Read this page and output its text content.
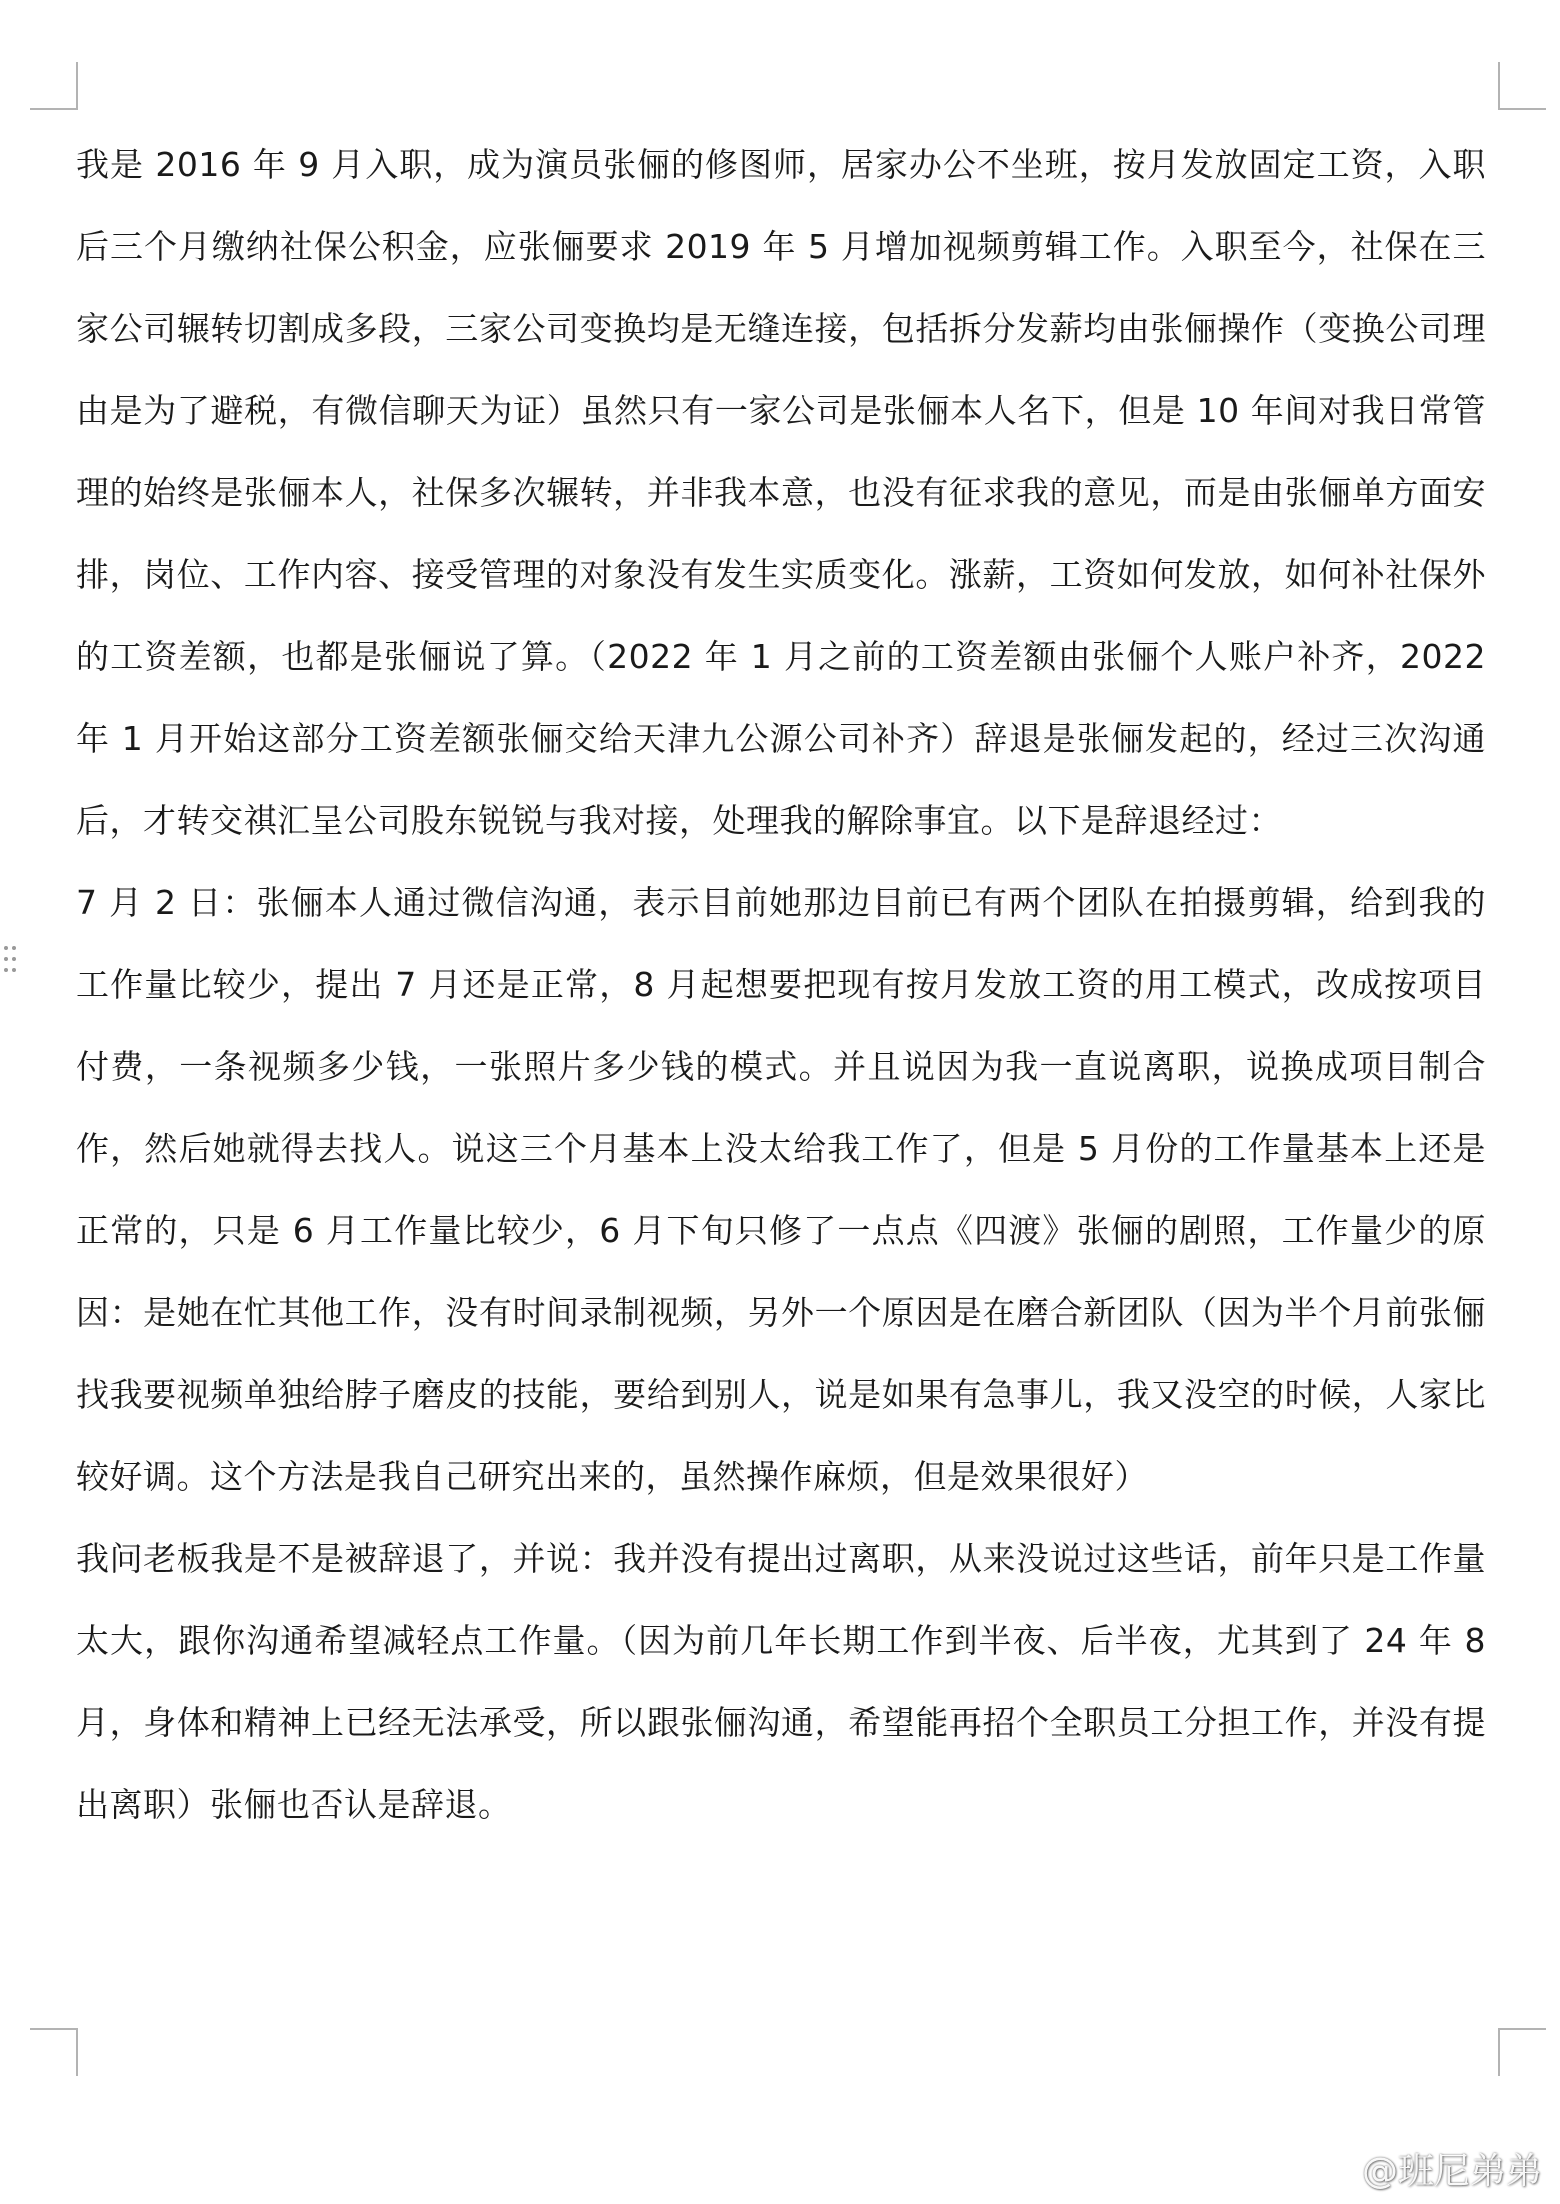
我是 2016 年 9 月入职，成为演员张俪的修图师，居家办公不坐班，按月发放固定工资，入职后三个月缴纳社保公积金，应张俪要求 2019 年 5 月增加视频剪辑工作。入职至今，社保在三家公司辗转切割成多段，三家公司变换均是无缝连接，包括拆分发薪均由张俪操作（变换公司理由是为了避税，有微信聊天为证）虽然只有一家公司是张俪本人名下，但是 10 年间对我日常管理的始终是张俪本人，社保多次辗转，并非我本意，也没有征求我的意见，而是由张俪单方面安排，岗位、工作内容、接受管理的对象没有发生实质变化。涨薪，工资如何发放，如何补社保外的工资差额，也都是张俪说了算。（2022 年 1 月之前的工资差额由张俪个人账户补齐，2022 年 1 月开始这部分工资差额张俪交给天津九公源公司补齐）辞退是张俪发起的，经过三次沟通后，才转交祺汇呈公司股东锐锐与我对接，处理我的解除事宜。以下是辞退经过：

7 月 2 日：张俪本人通过微信沟通，表示目前她那边目前已有两个团队在拍摄剪辑，给到我的工作量比较少，提出 7 月还是正常，8 月起想要把现有按月发放工资的用工模式，改成按项目付费，一条视频多少钱，一张照片多少钱的模式。并且说因为我一直说离职，说换成项目制合作，然后她就得去找人。说这三个月基本上没太给我工作了，但是 5 月份的工作量基本上还是正常的，只是 6 月工作量比较少，6 月下旬只修了一点点《四渡》张俪的剧照，工作量少的原因：是她在忙其他工作，没有时间录制视频，另外一个原因是在磨合新团队（因为半个月前张俪找我要视频单独给脖子磨皮的技能，要给到别人，说是如果有急事儿，我又没空的时候，人家比较好调。这个方法是我自己研究出来的，虽然操作麻烦，但是效果很好）

我问老板我是不是被辞退了，并说：我并没有提出过离职，从来没说过这些话，前年只是工作量太大，跟你沟通希望减轻点工作量。（因为前几年长期工作到半夜、后半夜，尤其到了 24 年 8 月，身体和精神上已经无法承受，所以跟张俪沟通，希望能再招个全职员工分担工作，并没有提出离职）张俪也否认是辞退。

@班尼弟弟
